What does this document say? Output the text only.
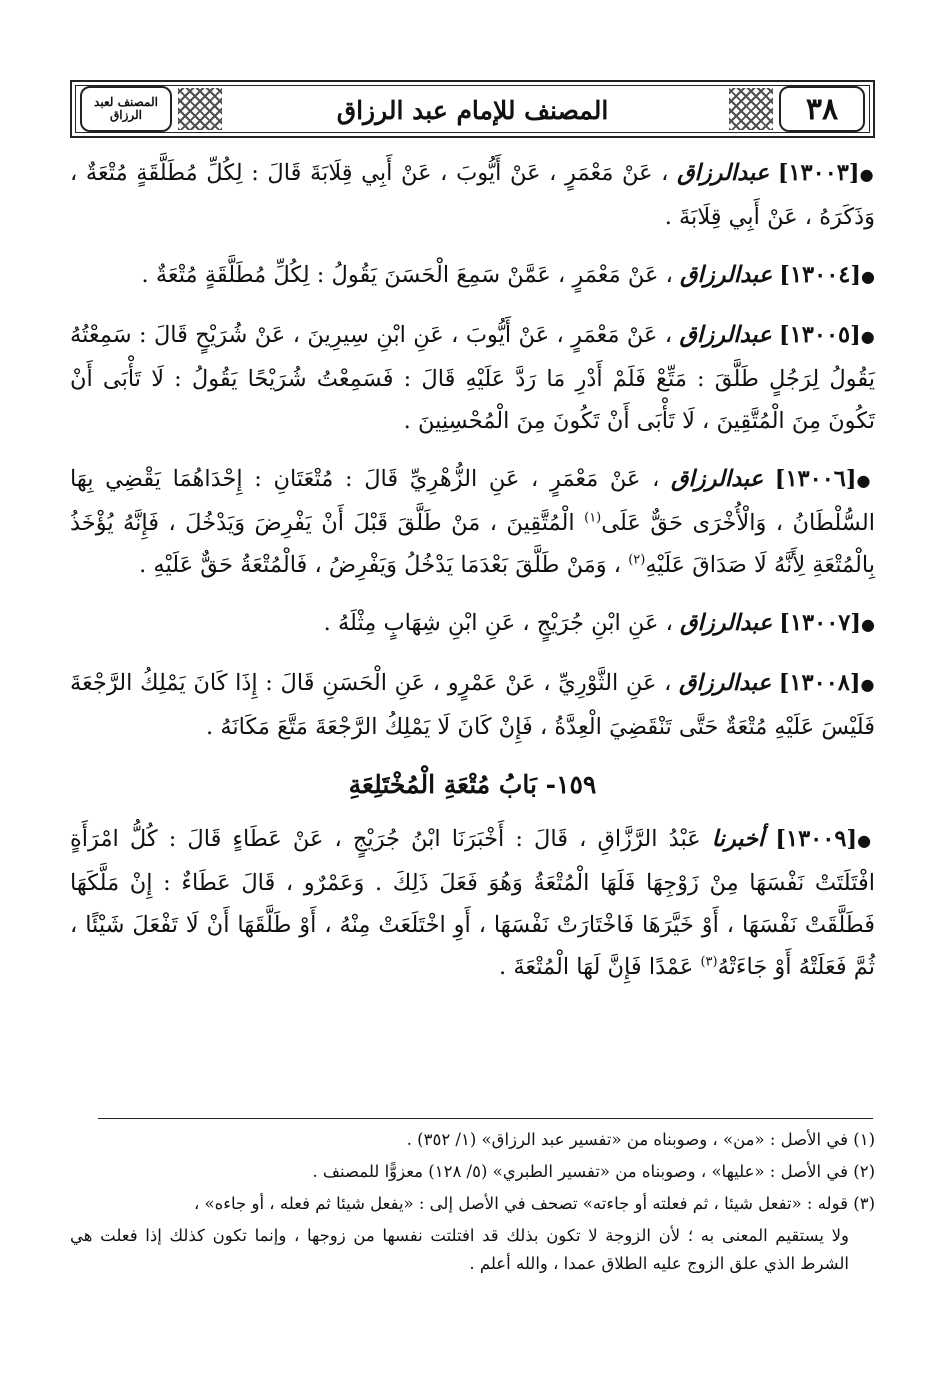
٣٨
المصنف للإمام عبد الرزاق
المصنف لعبد الرزاق

●[١٣٠٠٣] عبدالرزاق ، عَنْ مَعْمَرٍ ، عَنْ أَيُّوبَ ، عَنْ أَبِي قِلَابَةَ قَالَ : لِكُلِّ مُطَلَّقَةٍ مُتْعَةٌ ، وَذَكَرَهُ ، عَنْ أَبِي قِلَابَةَ .

●[١٣٠٠٤] عبدالرزاق ، عَنْ مَعْمَرٍ ، عَمَّنْ سَمِعَ الْحَسَنَ يَقُولُ : لِكُلِّ مُطَلَّقَةٍ مُتْعَةٌ .

●[١٣٠٠٥] عبدالرزاق ، عَنْ مَعْمَرٍ ، عَنْ أَيُّوبَ ، عَنِ ابْنِ سِيرِينَ ، عَنْ شُرَيْحٍ قَالَ : سَمِعْتُهُ يَقُولُ لِرَجُلٍ طَلَّقَ : مَتِّعْ فَلَمْ أَدْرِ مَا رَدَّ عَلَيْهِ قَالَ : فَسَمِعْتُ شُرَيْحًا يَقُولُ : لَا تَأْبَى أَنْ تَكُونَ مِنَ الْمُتَّقِينَ ، لَا تَأْبَى أَنْ تَكُونَ مِنَ الْمُحْسِنِينَ .

●[١٣٠٠٦] عبدالرزاق ، عَنْ مَعْمَرٍ ، عَنِ الزُّهْرِيِّ قَالَ : مُتْعَتَانِ : إِحْدَاهُمَا يَقْضِي بِهَا السُّلْطَانُ ، وَالْأُخْرَى حَقٌّ عَلَى$^{(١)}$ الْمُتَّقِينَ ، مَنْ طَلَّقَ قَبْلَ أَنْ يَفْرِضَ وَيَدْخُلَ ، فَإِنَّهُ يُؤْخَذُ بِالْمُتْعَةِ لِأَنَّهُ لَا صَدَاقَ عَلَيْهِ$^{(٢)}$ ، وَمَنْ طَلَّقَ بَعْدَمَا يَدْخُلُ وَيَفْرِضُ ، فَالْمُتْعَةُ حَقٌّ عَلَيْهِ .

●[١٣٠٠٧] عبدالرزاق ، عَنِ ابْنِ جُرَيْجٍ ، عَنِ ابْنِ شِهَابٍ مِثْلَهُ .

●[١٣٠٠٨] عبدالرزاق ، عَنِ الثَّوْرِيِّ ، عَنْ عَمْرٍو ، عَنِ الْحَسَنِ قَالَ : إِذَا كَانَ يَمْلِكُ الرَّجْعَةَ فَلَيْسَ عَلَيْهِ مُتْعَةٌ حَتَّى تَنْقَضِيَ الْعِدَّةُ ، فَإِنْ كَانَ لَا يَمْلِكُ الرَّجْعَةَ مَتَّعَ مَكَانَهُ .

١٥٩- بَابُ مُتْعَةِ الْمُخْتَلِعَةِ

●[١٣٠٠٩] أخبرنا عَبْدُ الرَّزَّاقِ ، قَالَ : أَخْبَرَنَا ابْنُ جُرَيْجٍ ، عَنْ عَطَاءٍ قَالَ : كُلُّ امْرَأَةٍ افْتَلَتَتْ نَفْسَهَا مِنْ زَوْجِهَا فَلَهَا الْمُتْعَةُ وَهُوَ فَعَلَ ذَلِكَ . وَعَمْرٌو ، قَالَ عَطَاءٌ : إِنْ مَلَّكَهَا فَطَلَّقَتْ نَفْسَهَا ، أَوْ خَيَّرَهَا فَاخْتَارَتْ نَفْسَهَا ، أَوِ اخْتَلَعَتْ مِنْهُ ، أَوْ طَلَّقَهَا أَنْ لَا تَفْعَلَ شَيْئًا ، ثُمَّ فَعَلَتْهُ أَوْ جَاءَتْهُ$^{(٣)}$ عَمْدًا فَإِنَّ لَهَا الْمُتْعَةَ .

(١) في الأصل : «من» ، وصوبناه من «تفسير عبد الرزاق» (١/ ٣٥٢) .

(٢) في الأصل : «عليها» ، وصوبناه من «تفسير الطبري» (٥/ ١٢٨) معزوًّا للمصنف .

(٣) قوله : «تفعل شيئا ، ثم فعلته أو جاءته» تصحف في الأصل إلى : «يفعل شيئا ثم فعله ، أو جاءه» ،

ولا يستقيم المعنى به ؛ لأن الزوجة لا تكون بذلك قد افتلتت نفسها من زوجها ، وإنما تكون كذلك إذا فعلت هي الشرط الذي علق الزوج عليه الطلاق عمدا ، والله أعلم .
